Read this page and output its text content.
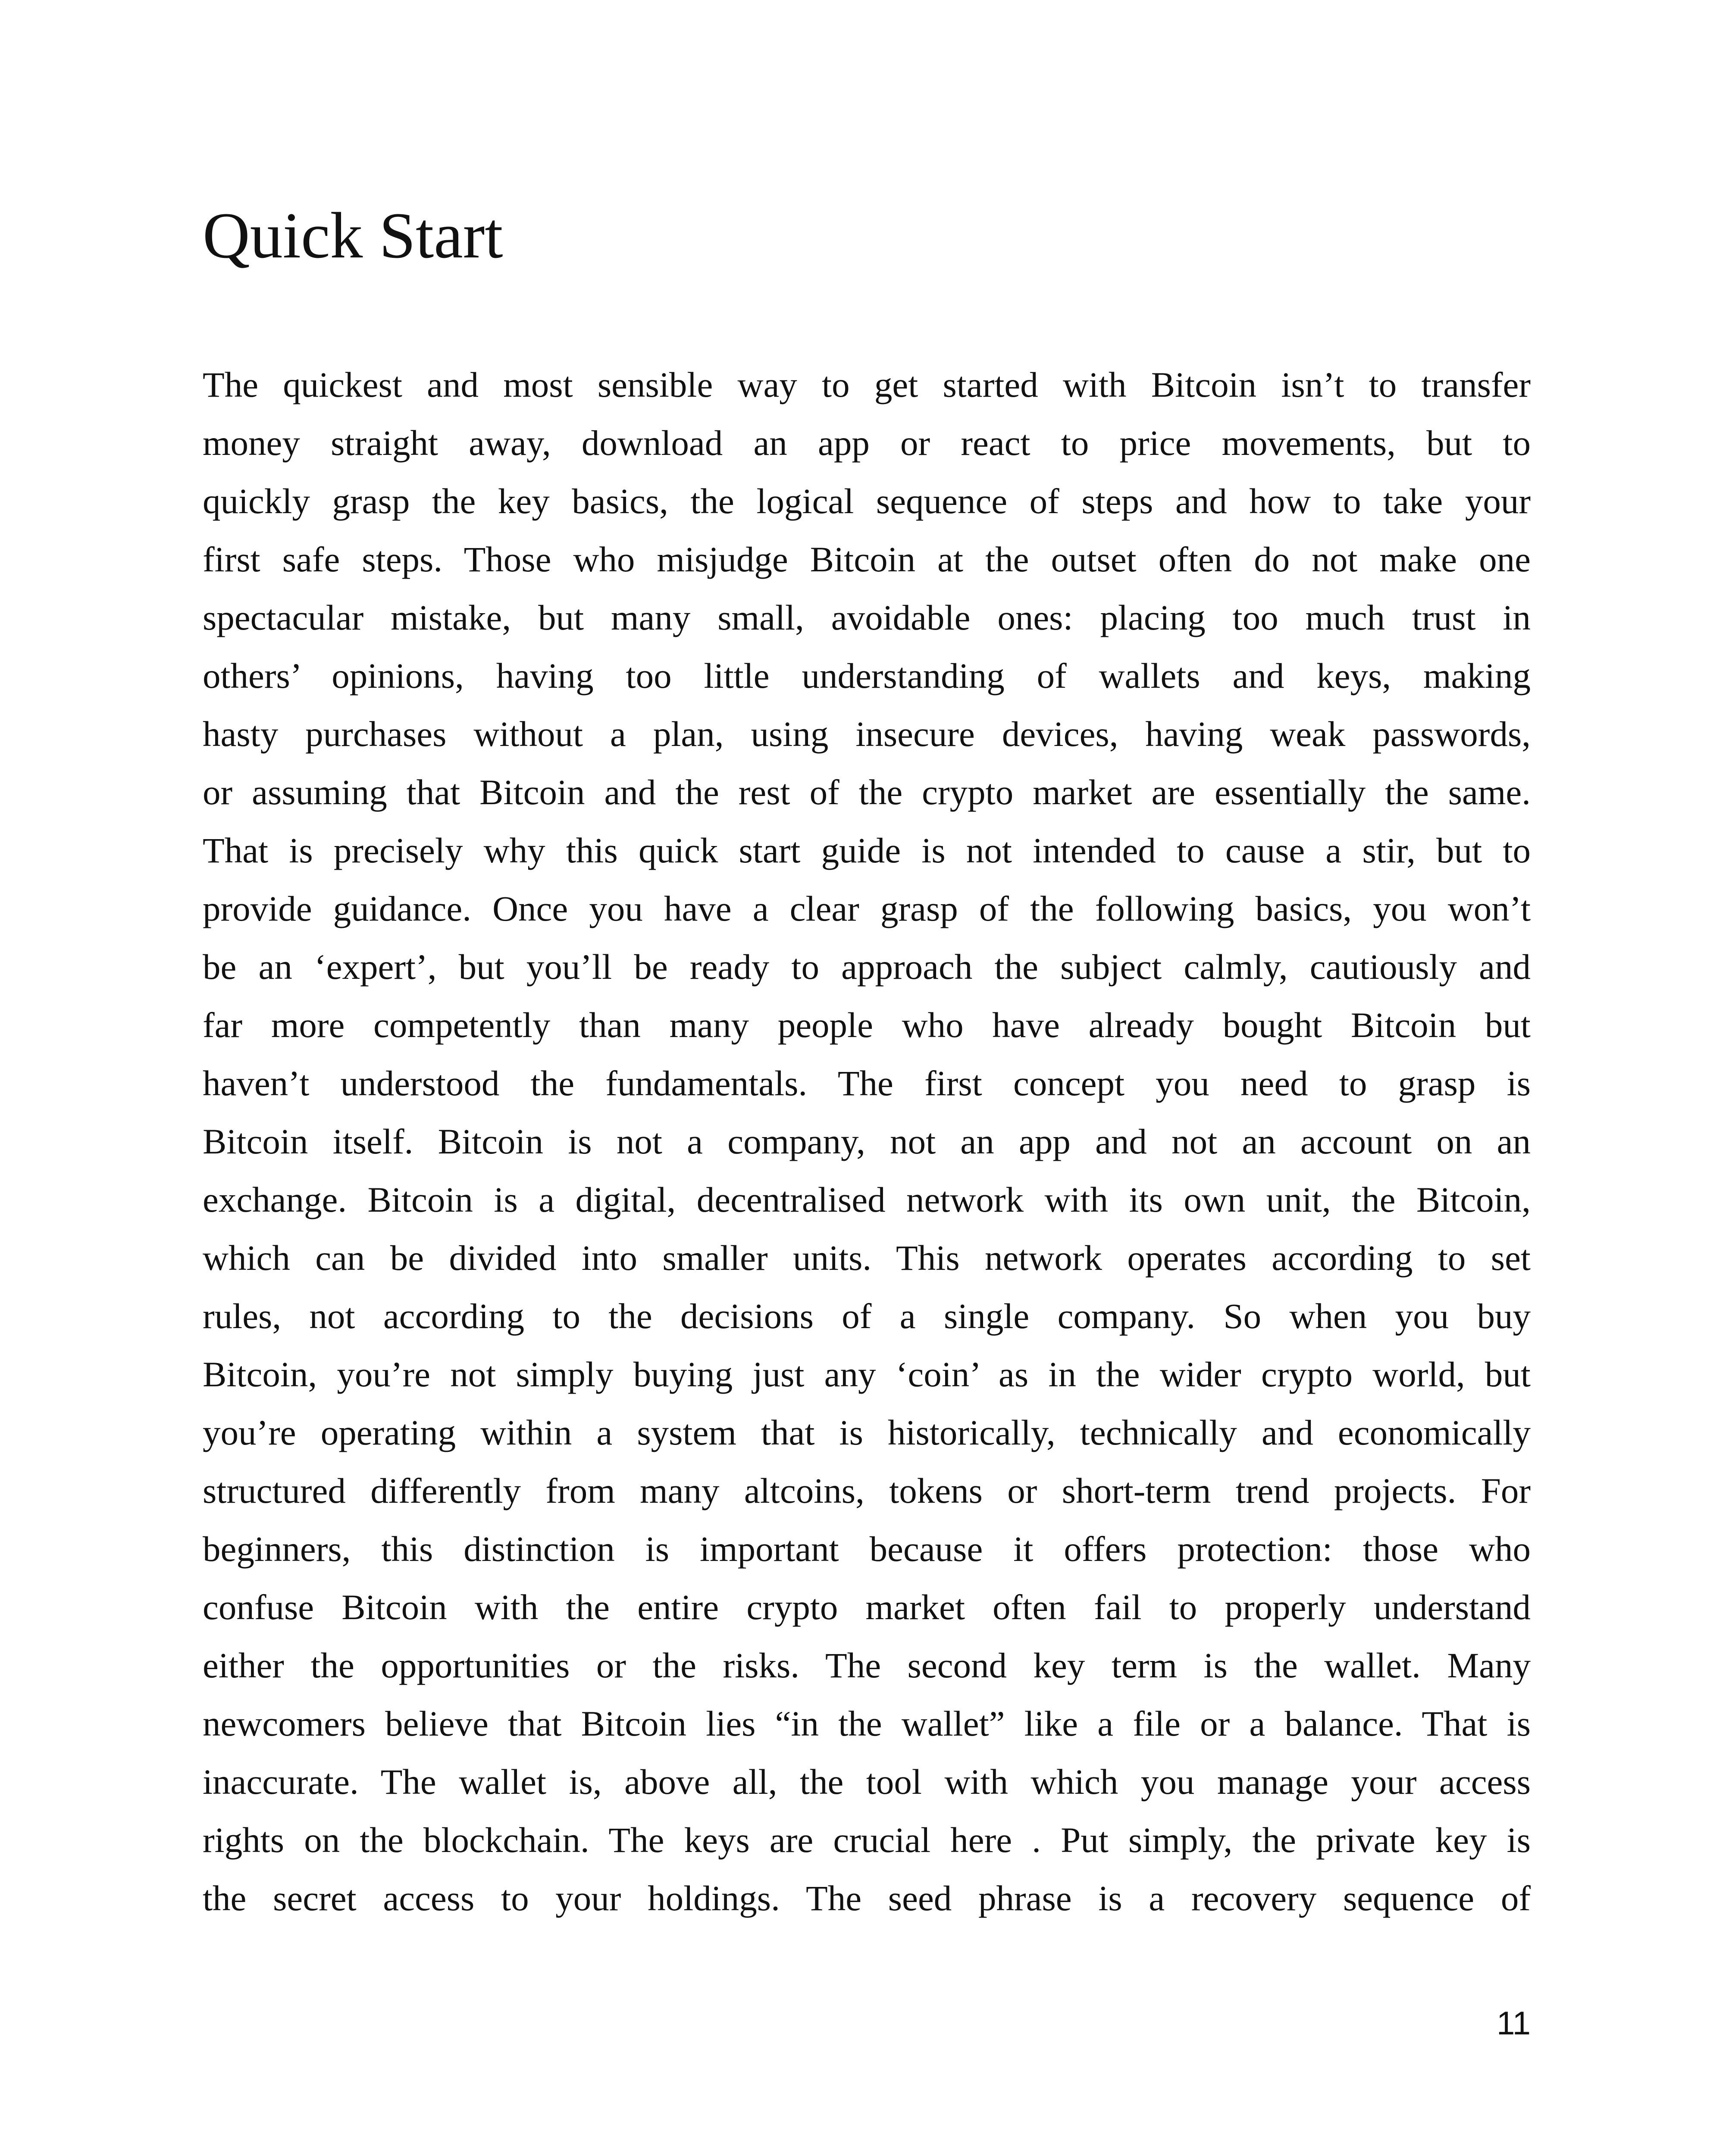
Quick Start
The quickest and most sensible way to get started with Bitcoin isn’t to transfer
money straight away, download an app or react to price movements, but to
quickly grasp the key basics, the logical sequence of steps and how to take your
first safe steps. Those who misjudge Bitcoin at the outset often do not make one
spectacular mistake, but many small, avoidable ones: placing too much trust in
others’ opinions, having too little understanding of wallets and keys, making
hasty purchases without a plan, using insecure devices, having weak passwords,
or assuming that Bitcoin and the rest of the crypto market are essentially the same.
That is precisely why this quick start guide is not intended to cause a stir, but to
provide guidance. Once you have a clear grasp of the following basics, you won’t
be an ‘expert’, but you’ll be ready to approach the subject calmly, cautiously and
far more competently than many people who have already bought Bitcoin but
haven’t understood the fundamentals. The first concept you need to grasp is
Bitcoin itself. Bitcoin is not a company, not an app and not an account on an
exchange. Bitcoin is a digital, decentralised network with its own unit, the Bitcoin,
which can be divided into smaller units. This network operates according to set
rules, not according to the decisions of a single company. So when you buy
Bitcoin, you’re not simply buying just any ‘coin’ as in the wider crypto world, but
you’re operating within a system that is historically, technically and economically
structured differently from many altcoins, tokens or short-term trend projects. For
beginners, this distinction is important because it offers protection: those who
confuse Bitcoin with the entire crypto market often fail to properly understand
either the opportunities or the risks. The second key term is the wallet. Many
newcomers believe that Bitcoin lies “in the wallet” like a file or a balance. That is
inaccurate. The wallet is, above all, the tool with which you manage your access
rights on the blockchain. The keys are crucial here . Put simply, the private key is
the secret access to your holdings. The seed phrase is a recovery sequence of
11
